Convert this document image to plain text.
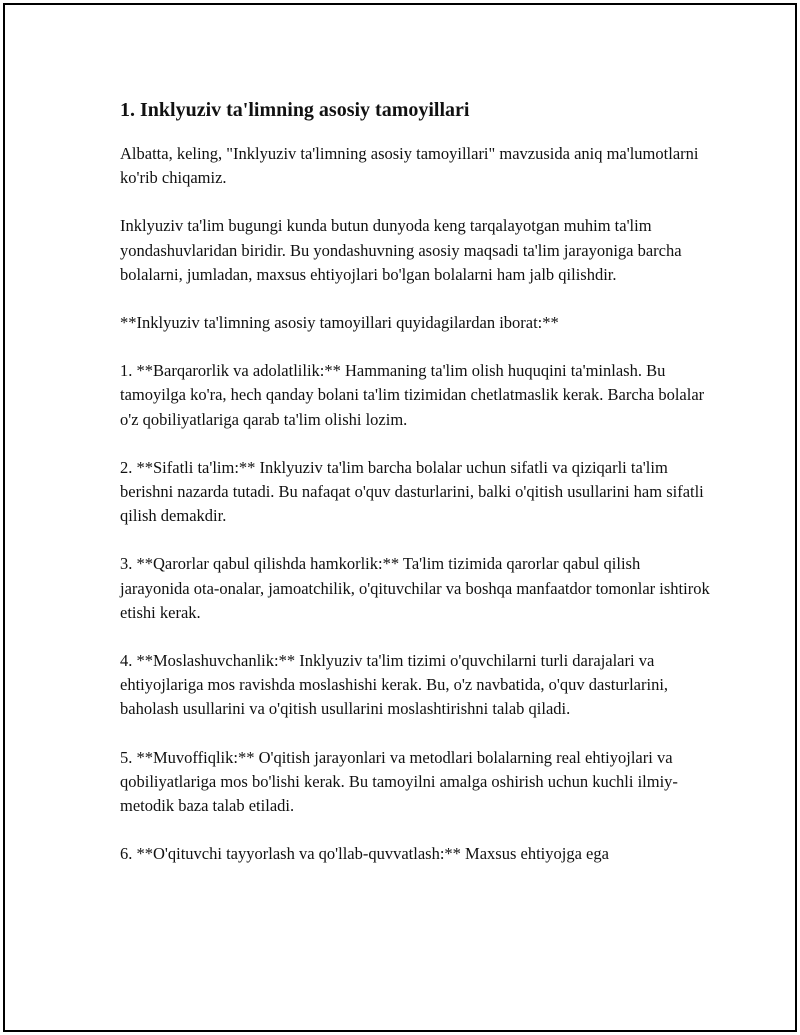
1. Inklyuziv ta'limning asosiy tamoyillari

Albatta, keling, "Inklyuziv ta'limning asosiy tamoyillari" mavzusida aniq ma'lumotlarni ko'rib chiqamiz.

Inklyuziv ta'lim bugungi kunda butun dunyoda keng tarqalayotgan muhim ta'lim yondashuvlaridan biridir. Bu yondashuvning asosiy maqsadi ta'lim jarayoniga barcha bolalarni, jumladan, maxsus ehtiyojlari bo'lgan bolalarni ham jalb qilishdir.

**Inklyuziv ta'limning asosiy tamoyillari quyidagilardan iborat:**

1. **Barqarorlik va adolatlilik:** Hammaning ta'lim olish huquqini ta'minlash. Bu tamoyilga ko'ra, hech qanday bolani ta'lim tizimidan chetlatmaslik kerak. Barcha bolalar o'z qobiliyatlariga qarab ta'lim olishi lozim.

2. **Sifatli ta'lim:** Inklyuziv ta'lim barcha bolalar uchun sifatli va qiziqarli ta'lim berishni nazarda tutadi. Bu nafaqat o'quv dasturlarini, balki o'qitish usullarini ham sifatli qilish demakdir.

3. **Qarorlar qabul qilishda hamkorlik:** Ta'lim tizimida qarorlar qabul qilish jarayonida ota-onalar, jamoatchilik, o'qituvchilar va boshqa manfaatdor tomonlar ishtirok etishi kerak.

4. **Moslashuvchanlik:** Inklyuziv ta'lim tizimi o'quvchilarni turli darajalari va ehtiyojlariga mos ravishda moslashishi kerak. Bu, o'z navbatida, o'quv dasturlarini, baholash usullarini va o'qitish usullarini moslashtirishni talab qiladi.

5. **Muvoffiqlik:** O'qitish jarayonlari va metodlari bolalarning real ehtiyojlari va qobiliyatlariga mos bo'lishi kerak. Bu tamoyilni amalga oshirish uchun kuchli ilmiy-metodik baza talab etiladi.

6. **O'qituvchi tayyorlash va qo'llab-quvvatlash:** Maxsus ehtiyojga ega
